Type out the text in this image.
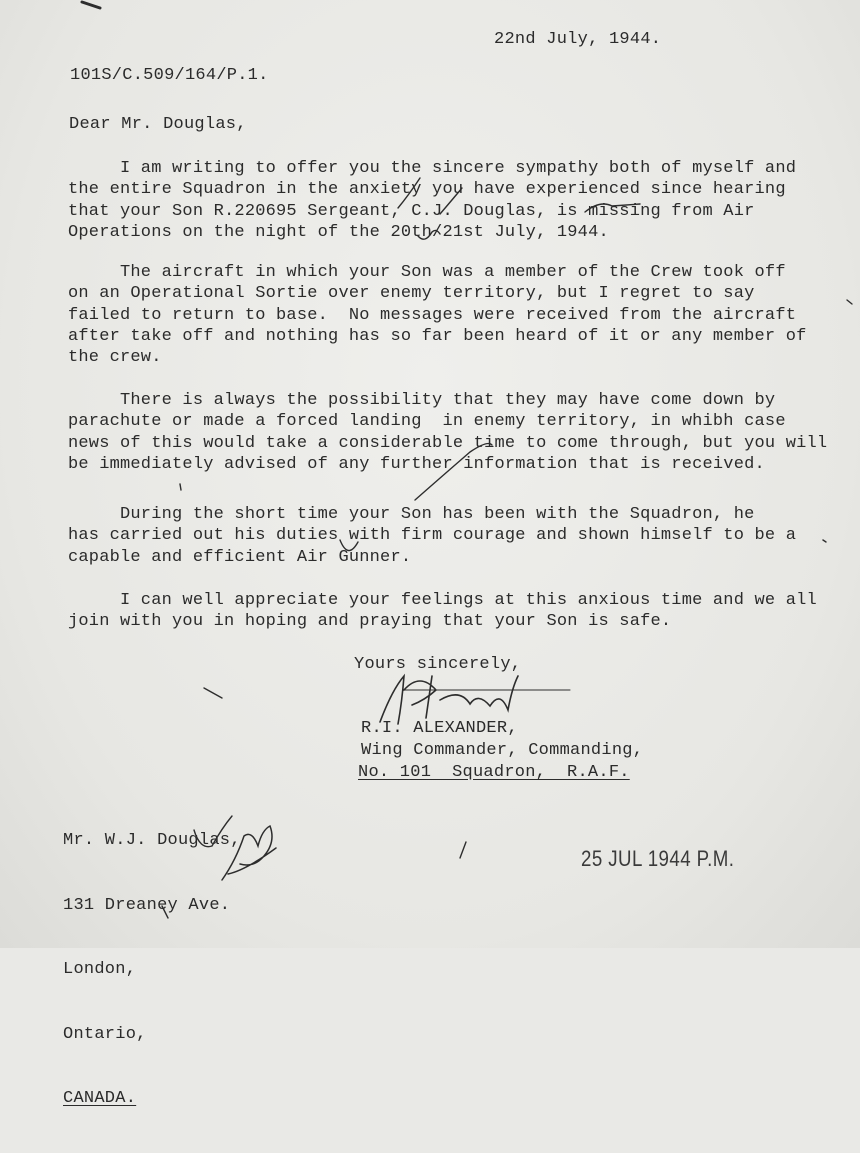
22nd July, 1944.
101S/C.509/164/P.1.
Dear Mr. Douglas,
I am writing to offer you the sincere sympathy both of myself and
the entire Squadron in the anxiety you have experienced since hearing
that your Son R.220695 Sergeant, C.J. Douglas, is missing from Air
Operations on the night of the 20th/21st July, 1944.
The aircraft in which your Son was a member of the Crew took off
on an Operational Sortie over enemy territory, but I regret to say
failed to return to base.  No messages were received from the aircraft
after take off and nothing has so far been heard of it or any member of
the crew.
There is always the possibility that they may have come down by
parachute or made a forced landing  in enemy territory, in whibh case
news of this would take a considerable time to come through, but you will
be immediately advised of any further information that is received.
During the short time your Son has been with the Squadron, he
has carried out his duties with firm courage and shown himself to be a
capable and efficient Air Gunner.
I can well appreciate your feelings at this anxious time and we all
join with you in hoping and praying that your Son is safe.
Yours sincerely,
R.I. ALEXANDER,
Wing Commander, Commanding,
No. 101  Squadron,  R.A.F.

Mr. W.J. Douglas,

131 Dreaney Ave.

London,

Ontario,

CANADA.

25 JUL 1944 P.M.
